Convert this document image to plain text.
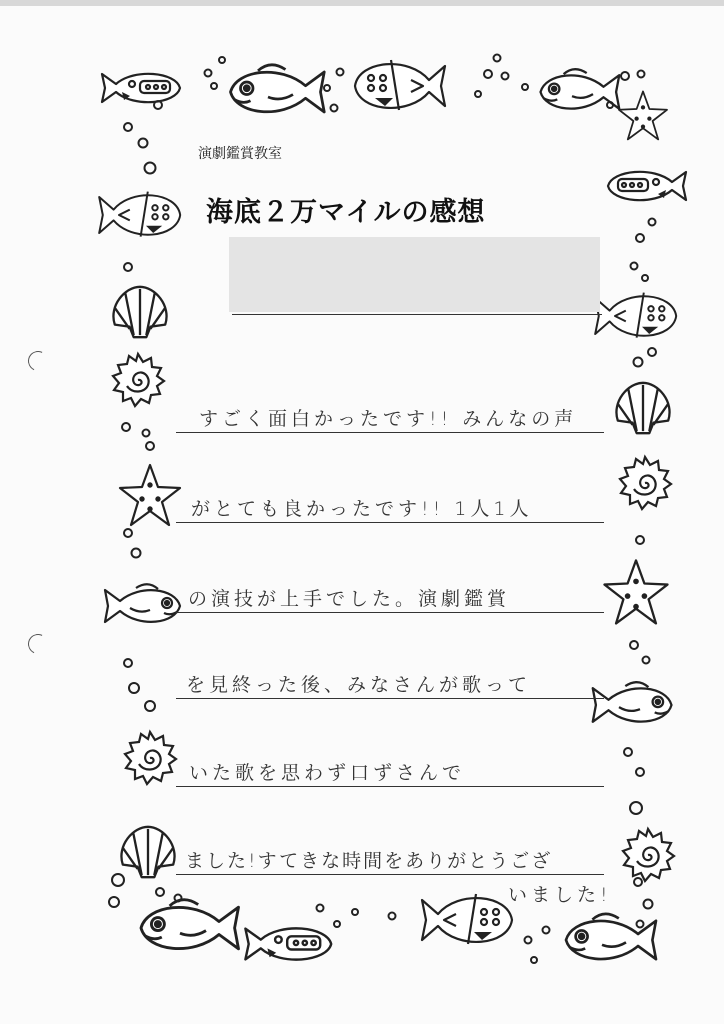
演劇鑑賞教室
海底２万マイルの感想
すごく面白かったです!! みんなの声
がとても良かったです!! 1人1人
の演技が上手でした。演劇鑑賞
を見終った後、みなさんが歌って
いた歌を思わず口ずさんで
ました!すてきな時間をありがとうござ
いました!
